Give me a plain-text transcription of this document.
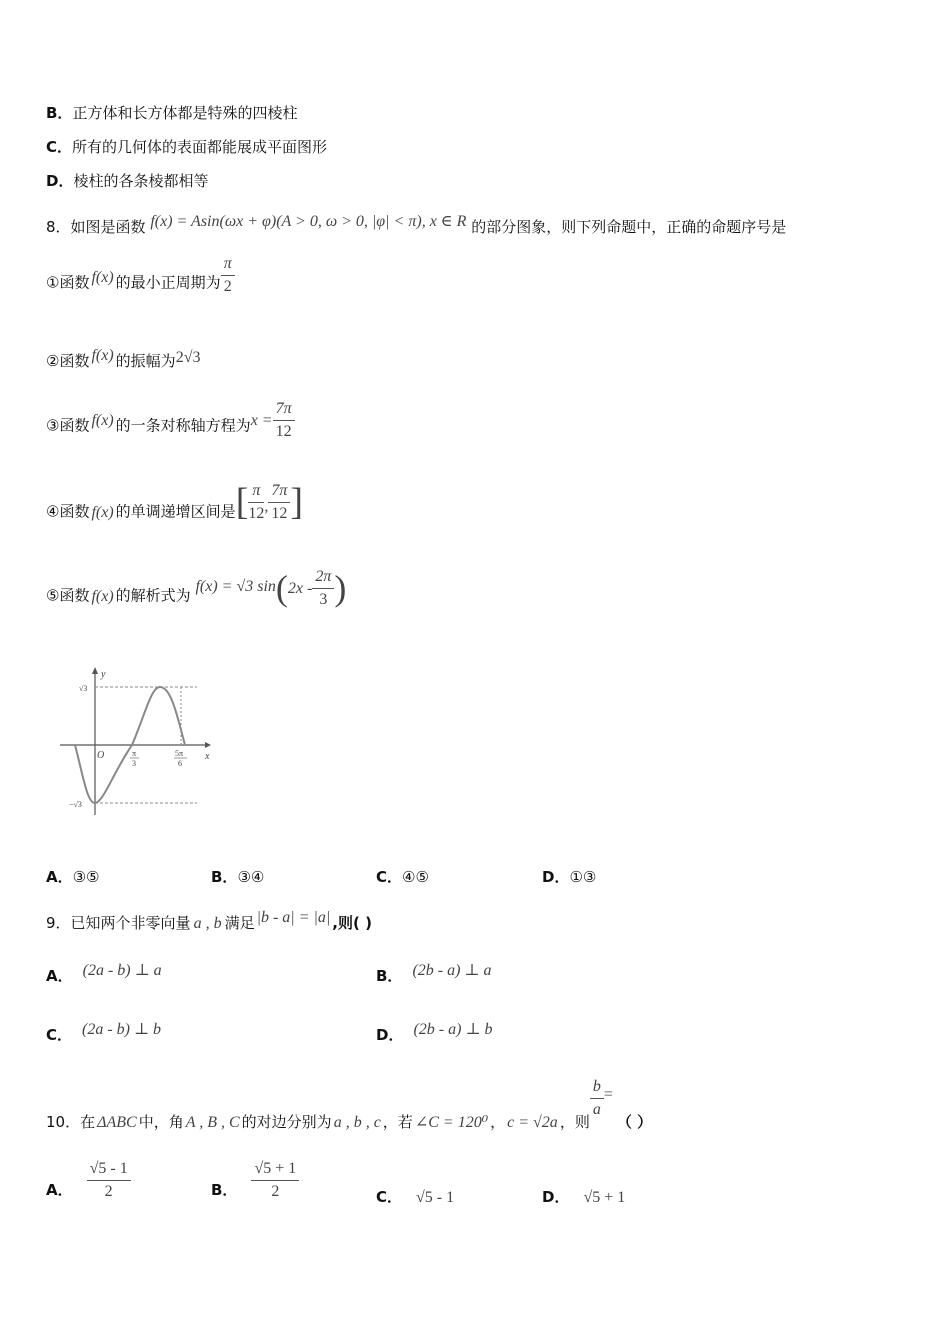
B．正方体和长方体都是特殊的四棱柱
C．所有的几何体的表面都能展成平面图形
D．棱柱的各条棱都相等
8．如图是函数 f(x) = Asin(ωx + φ)(A > 0, ω > 0, |φ| < π), x ∈ R 的部分图象，则下列命题中，正确的命题序号是
①函数 f(x) 的最小正周期为 $\frac{\pi}{2}$
②函数 f(x) 的振幅为2√3
③函数 f(x) 的一条对称轴方程为$x = \frac{7\pi}{12}$
④函数 f(x) 的单调递增区间是[ $\frac{\pi}{12}$ , $\frac{7\pi}{12}$ ]
⑤函数 f(x) 的解析式为 f(x) = √3 $\sin(2x - \frac{2\pi}{3}$ )
y
x
O
√3
−√3
π
3
5π
6
A．③⑤	B．③④	C．④⑤	D．①③
9．已知两个非零向量 a , b 满足 |b - a| = |a| ,则( )
A． (2a - b) ⊥ a	B． (2b - a) ⊥ a
C． (2a - b) ⊥ b	D． (2b - a) ⊥ b
10．在 ΔABC 中，角 A , B , C 的对边分别为 a , b , c ，若 ∠C = 120⁰ ， c = √2a ，则
$\frac{b}{a}$ =（ ）
A． $\frac{√5 - 1}{2}$	B． $\frac{√5 + 1}{2}$	C． √5 - 1	D． √5 + 1
